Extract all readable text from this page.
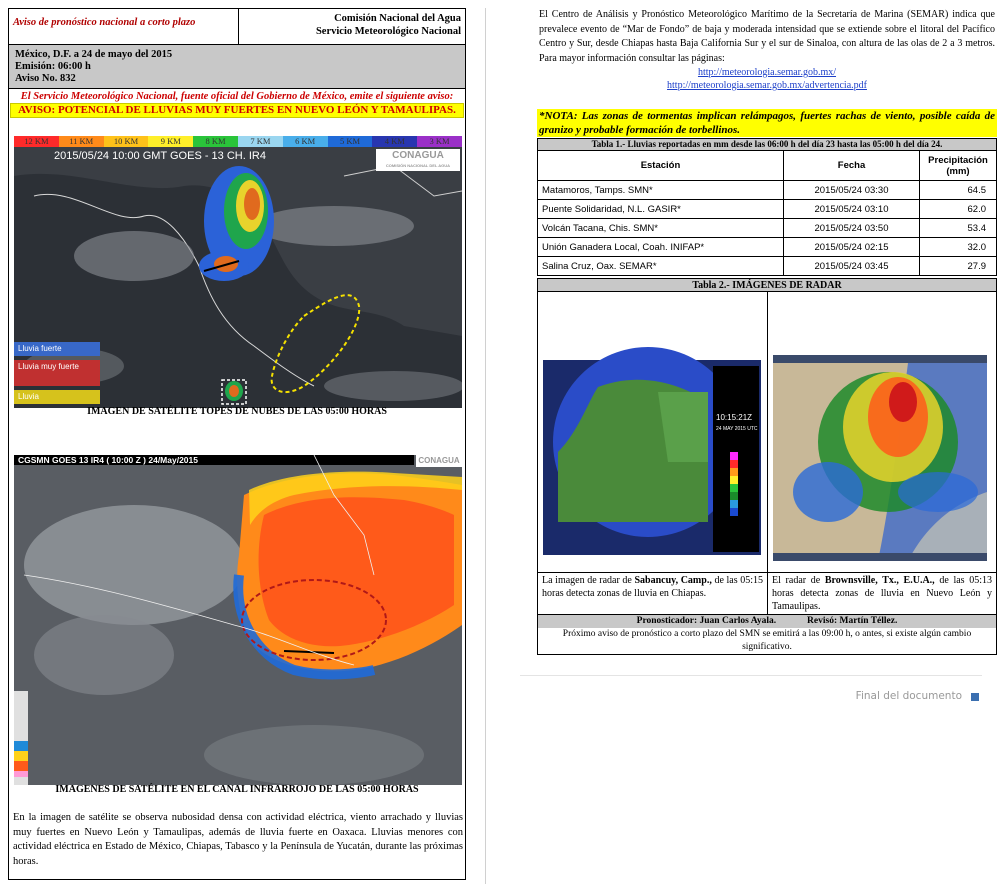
Aviso de pronóstico nacional a corto plazo	Comisión Nacional del Agua
Servicio Meteorológico Nacional
México, D.F. a 24 de mayo del 2015
Emisión: 06:00 h
Aviso No. 832
El Servicio Meteorológico Nacional, fuente oficial del Gobierno de México, emite el siguiente aviso:
AVISO: POTENCIAL DE LLUVIAS MUY FUERTES EN NUEVO LEÓN Y TAMAULIPAS.
12 KM	11 KM	10 KM	9 KM	8 KM	7 KM	6 KM	5 KM	4 KM	3 KM
2015/05/24 10:00 GMT GOES - 13 CH. IR4	CONAGUA
COMISIÓN NACIONAL DEL AGUA
Lluvia fuerte
Lluvia muy fuerte
Lluvia
IMAGEN DE SATÉLITE TOPES DE NUBES DE LAS 05:00 HORAS
CGSMN GOES 13 IR4 ( 10:00 Z ) 24/May/2015	CONAGUA
IMAGENES DE SATÉLITE EN EL CANAL INFRARROJO DE LAS 05:00 HORAS
En la imagen de satélite se observa nubosidad densa con actividad eléctrica, viento arrachado y lluvias muy fuertes en Nuevo León y Tamaulipas, además de lluvia fuerte en Oaxaca. Lluvias menores con actividad eléctrica en Estado de México, Chiapas, Tabasco y la Península de Yucatán, durante las próximas horas.
El Centro de Análisis y Pronóstico Meteorológico Marítimo de la Secretaría de Marina (SEMAR) indica que prevalece evento de “Mar de Fondo” de baja y moderada intensidad que se extiende sobre el litoral del Pacífico Centro y Sur, desde Chiapas hasta Baja California Sur y el sur de Sinaloa, con altura de las olas de 2 a 3 metros. Para mayor información consultar las páginas:
http://meteorologia.semar.gob.mx/
http://meteorologia.semar.gob.mx/advertencia.pdf
*NOTA: Las zonas de tormentas implican relámpagos, fuertes rachas de viento, posible caída de granizo y probable formación de torbellinos.
Tabla 1.- Lluvias reportadas en mm desde las 06:00 h del día 23 hasta las 05:00 h del día 24.		
Estación	Fecha	Precipitación (mm)
Matamoros, Tamps. SMN*	2015/05/24 03:30	64.5
Puente Solidaridad, N.L. GASIR*	2015/05/24 03:10	62.0
Volcán Tacana, Chis. SMN*	2015/05/24 03:50	53.4
Unión Ganadera Local, Coah. INIFAP*	2015/05/24 02:15	32.0
Salina Cruz, Oax. SEMAR*	2015/05/24 03:45	27.9
Tabla 2.- IMÁGENES DE RADAR
10:15:21Z
24 MAY 2015 UTC
La imagen de radar de Sabancuy, Camp., de las 05:15 horas detecta zonas de lluvia en Chiapas.
El radar de Brownsville, Tx., E.U.A., de las 05:13 horas detecta zonas de lluvia en Nuevo León y Tamaulipas.
Pronosticador: Juan Carlos Ayala.             Revisó: Martín Téllez.
Próximo aviso de pronóstico a corto plazo del SMN se emitirá a las 09:00 h, o antes, si existe algún cambio significativo.
Final del documento
